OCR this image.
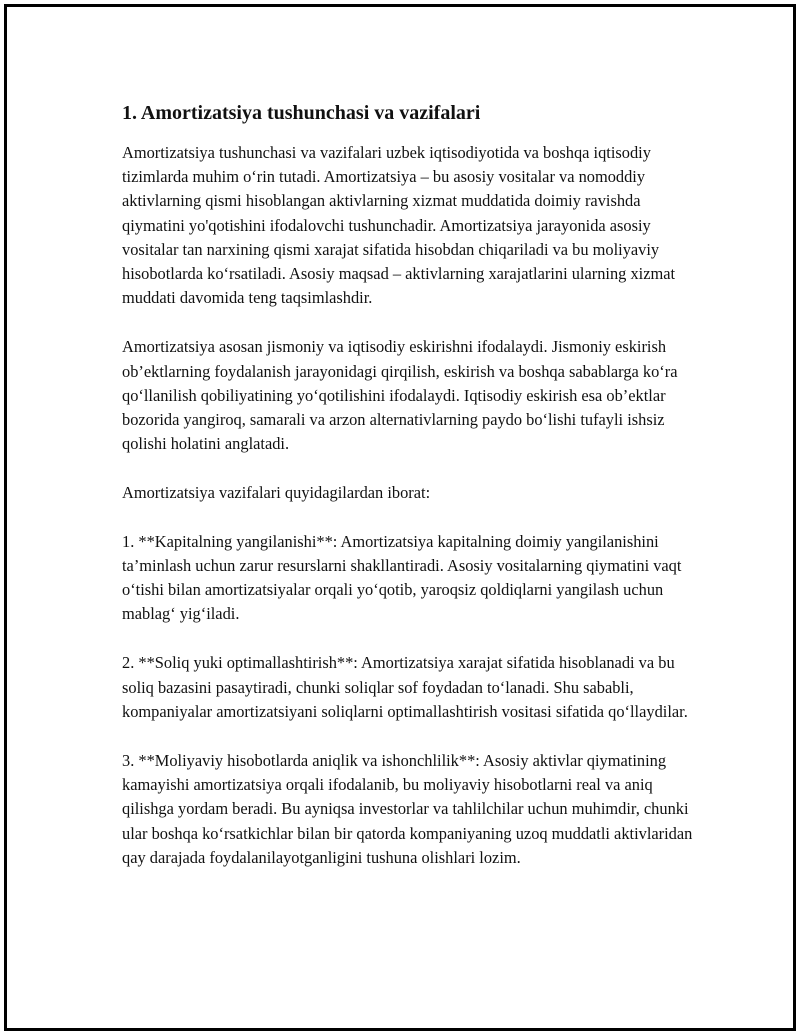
1. Amortizatsiya tushunchasi va vazifalari

Amortizatsiya tushunchasi va vazifalari uzbek iqtisodiyotida va boshqa iqtisodiy tizimlarda muhim o‘rin tutadi. Amortizatsiya – bu asosiy vositalar va nomoddiy aktivlarning qismi hisoblangan aktivlarning xizmat muddatida doimiy ravishda qiymatini yo'qotishini ifodalovchi tushunchadir. Amortizatsiya jarayonida asosiy vositalar tan narxining qismi xarajat sifatida hisobdan chiqariladi va bu moliyaviy hisobotlarda ko‘rsatiladi. Asosiy maqsad – aktivlarning xarajatlarini ularning xizmat muddati davomida teng taqsimlashdir.

Amortizatsiya asosan jismoniy va iqtisodiy eskirishni ifodalaydi. Jismoniy eskirish ob’ektlarning foydalanish jarayonidagi qirqilish, eskirish va boshqa sabablarga ko‘ra qo‘llanilish qobiliyatining yo‘qotilishini ifodalaydi. Iqtisodiy eskirish esa ob’ektlar bozorida yangiroq, samarali va arzon alternativlarning paydo bo‘lishi tufayli ishsiz qolishi holatini anglatadi.

Amortizatsiya vazifalari quyidagilardan iborat:

1. **Kapitalning yangilanishi**: Amortizatsiya kapitalning doimiy yangilanishini ta’minlash uchun zarur resurslarni shakllantiradi. Asosiy vositalarning qiymatini vaqt o‘tishi bilan amortizatsiyalar orqali yo‘qotib, yaroqsiz qoldiqlarni yangilash uchun mablag‘ yig‘iladi.

2. **Soliq yuki optimallashtirish**: Amortizatsiya xarajat sifatida hisoblanadi va bu soliq bazasini pasaytiradi, chunki soliqlar sof foydadan to‘lanadi. Shu sababli, kompaniyalar amortizatsiyani soliqlarni optimallashtirish vositasi sifatida qo‘llaydilar.

3. **Moliyaviy hisobotlarda aniqlik va ishonchlilik**: Asosiy aktivlar qiymatining kamayishi amortizatsiya orqali ifodalanib, bu moliyaviy hisobotlarni real va aniq qilishga yordam beradi. Bu ayniqsa investorlar va tahlilchilar uchun muhimdir, chunki ular boshqa ko‘rsatkichlar bilan bir qatorda kompaniyaning uzoq muddatli aktivlaridan qay darajada foydalanilayotganligini tushuna olishlari lozim.
